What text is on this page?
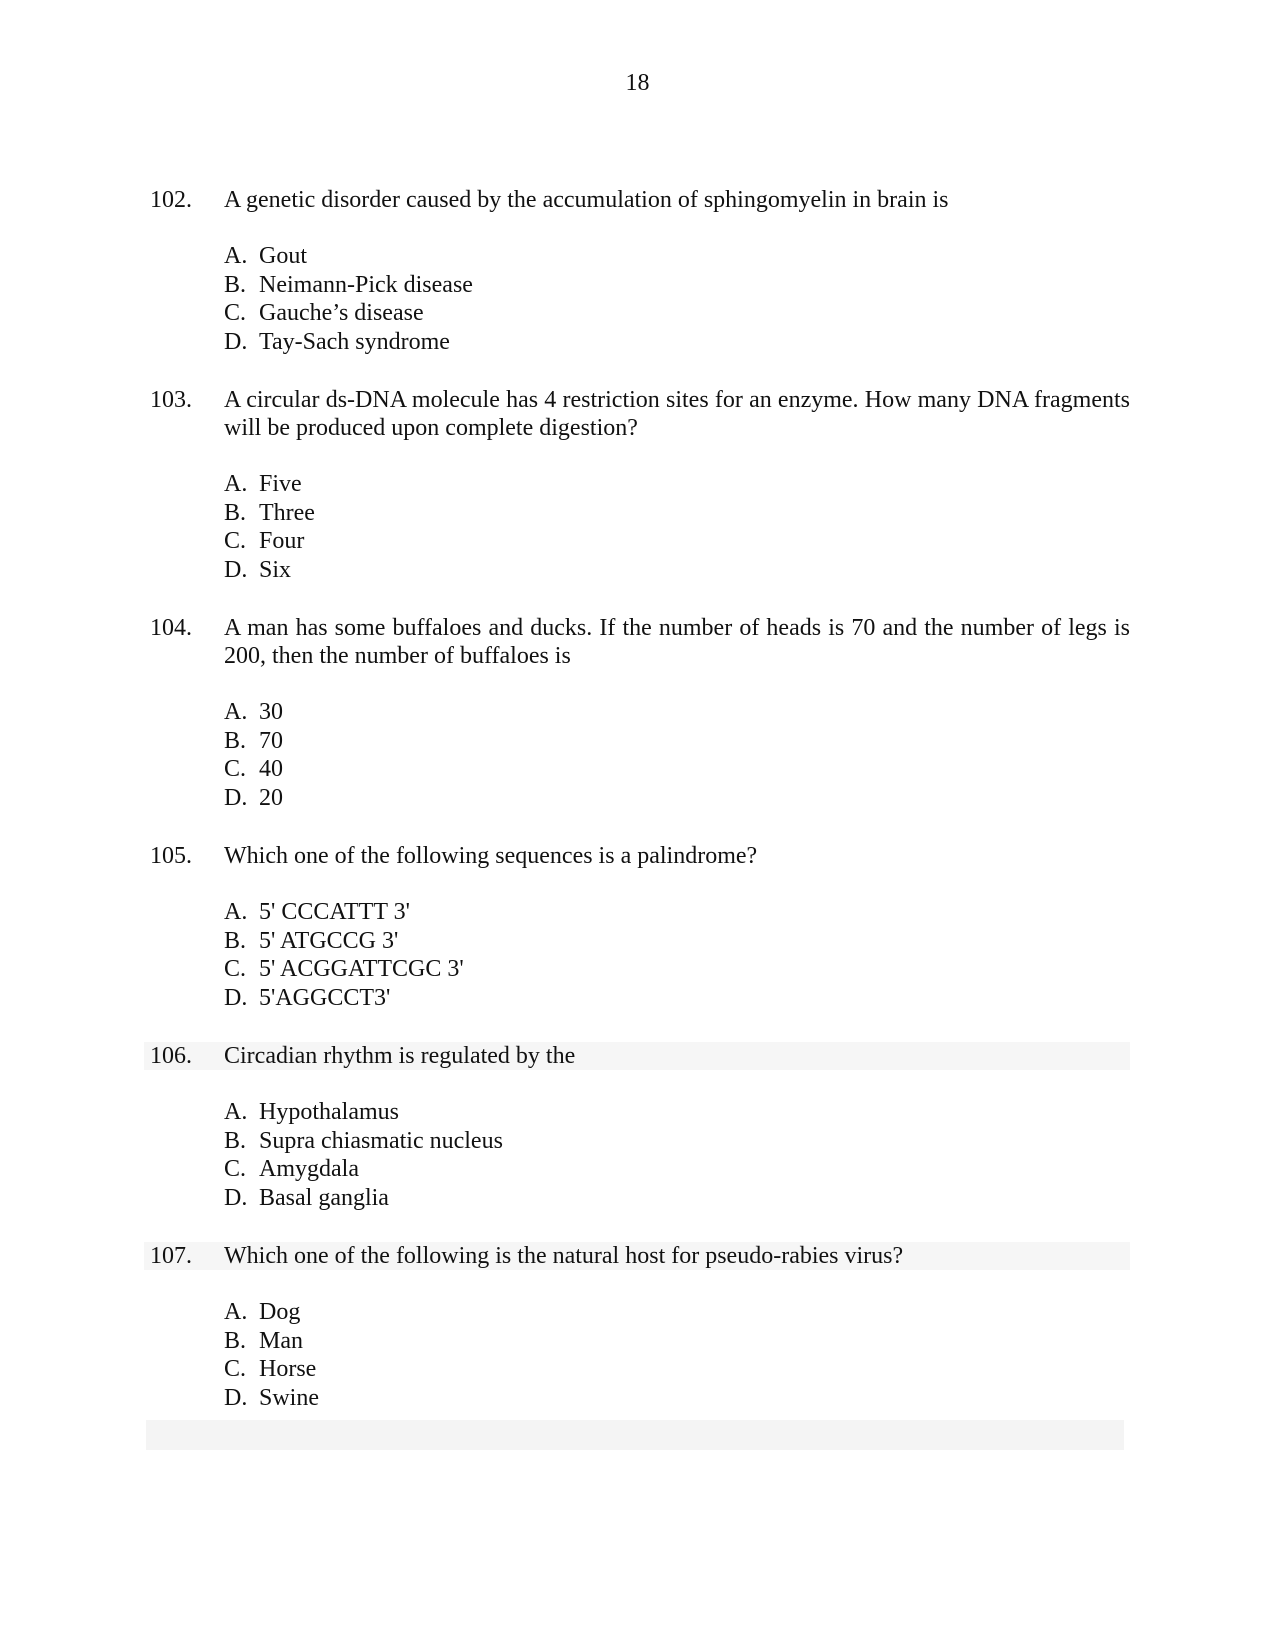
18
102. A genetic disorder caused by the accumulation of sphingomyelin in brain is
A. Gout
B. Neimann-Pick disease
C. Gauche’s disease
D. Tay-Sach syndrome
103. A circular ds-DNA molecule has 4 restriction sites for an enzyme. How many DNA fragments will be produced upon complete digestion?
A. Five
B. Three
C. Four
D. Six
104. A man has some buffaloes and ducks. If the number of heads is 70 and the number of legs is 200, then the number of buffaloes is
A. 30
B. 70
C. 40
D. 20
105. Which one of the following sequences is a palindrome?
A. 5' CCCATTT 3'
B. 5' ATGCCG 3'
C. 5' ACGGATTCGC 3'
D. 5'AGGCCT3'
106.	Circadian rhythm is regulated by the
A. Hypothalamus
B. Supra chiasmatic nucleus
C. Amygdala
D. Basal ganglia
107.	Which one of the following is the natural host for pseudo-rabies virus?
A. Dog
B. Man
C. Horse
D. Swine
